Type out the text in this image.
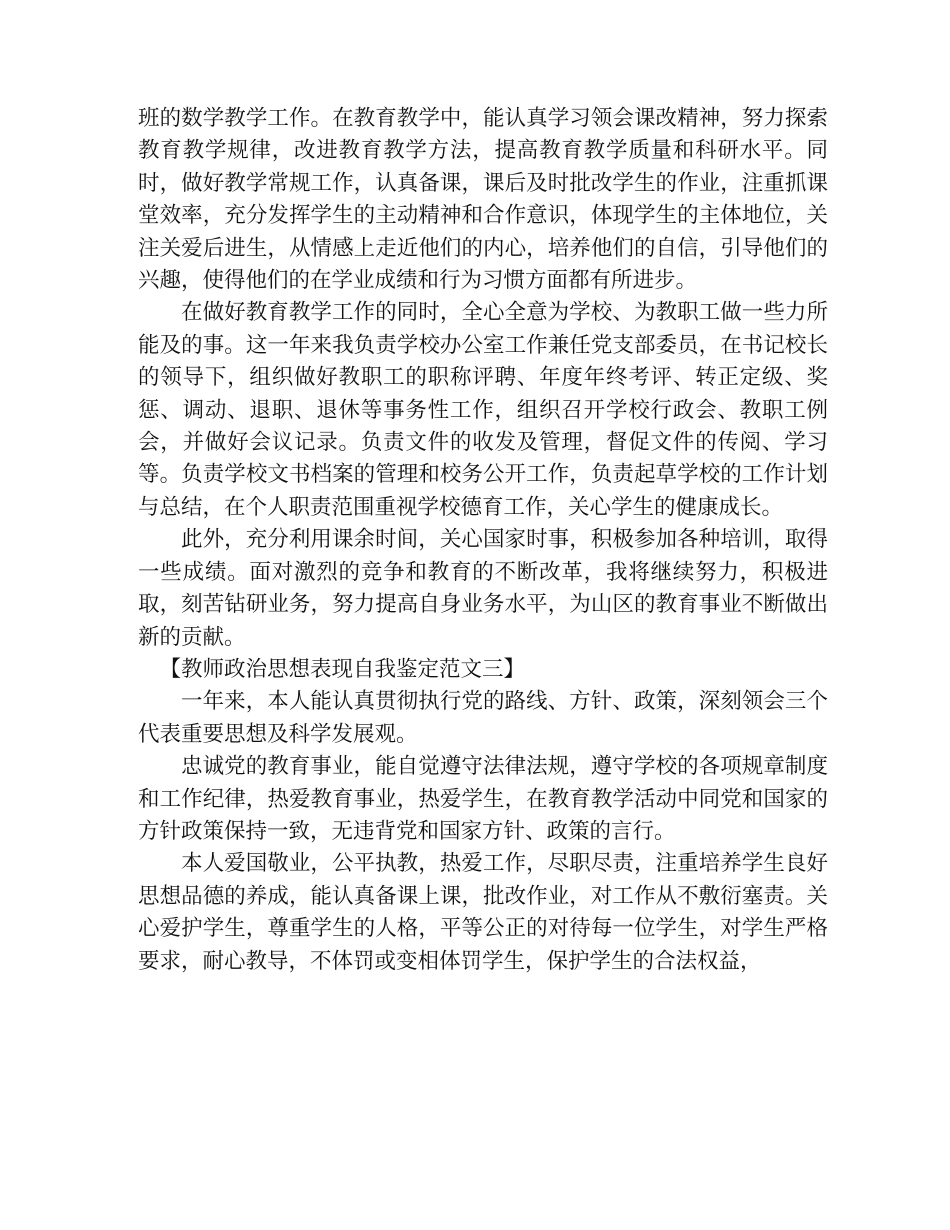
班的数学教学工作。在教育教学中，能认真学习领会课改精神，努力探索教育教学规律，改进教育教学方法，提高教育教学质量和科研水平。同时，做好教学常规工作，认真备课，课后及时批改学生的作业，注重抓课堂效率，充分发挥学生的主动精神和合作意识，体现学生的主体地位，关注关爱后进生，从情感上走近他们的内心，培养他们的自信，引导他们的兴趣，使得他们的在学业成绩和行为习惯方面都有所进步。

在做好教育教学工作的同时，全心全意为学校、为教职工做一些力所能及的事。这一年来我负责学校办公室工作兼任党支部委员，在书记校长的领导下，组织做好教职工的职称评聘、年度年终考评、转正定级、奖惩、调动、退职、退休等事务性工作，组织召开学校行政会、教职工例会，并做好会议记录。负责文件的收发及管理，督促文件的传阅、学习等。负责学校文书档案的管理和校务公开工作，负责起草学校的工作计划与总结，在个人职责范围重视学校德育工作，关心学生的健康成长。

此外，充分利用课余时间，关心国家时事，积极参加各种培训，取得一些成绩。面对激烈的竞争和教育的不断改革，我将继续努力，积极进取，刻苦钻研业务，努力提高自身业务水平，为山区的教育事业不断做出新的贡献。

【教师政治思想表现自我鉴定范文三】

一年来，本人能认真贯彻执行党的路线、方针、政策，深刻领会三个代表重要思想及科学发展观。

忠诚党的教育事业，能自觉遵守法律法规，遵守学校的各项规章制度和工作纪律，热爱教育事业，热爱学生，在教育教学活动中同党和国家的方针政策保持一致，无违背党和国家方针、政策的言行。

本人爱国敬业，公平执教，热爱工作，尽职尽责，注重培养学生良好思想品德的养成，能认真备课上课，批改作业，对工作从不敷衍塞责。关心爱护学生，尊重学生的人格，平等公正的对待每一位学生，对学生严格要求，耐心教导，不体罚或变相体罚学生，保护学生的合法权益，
